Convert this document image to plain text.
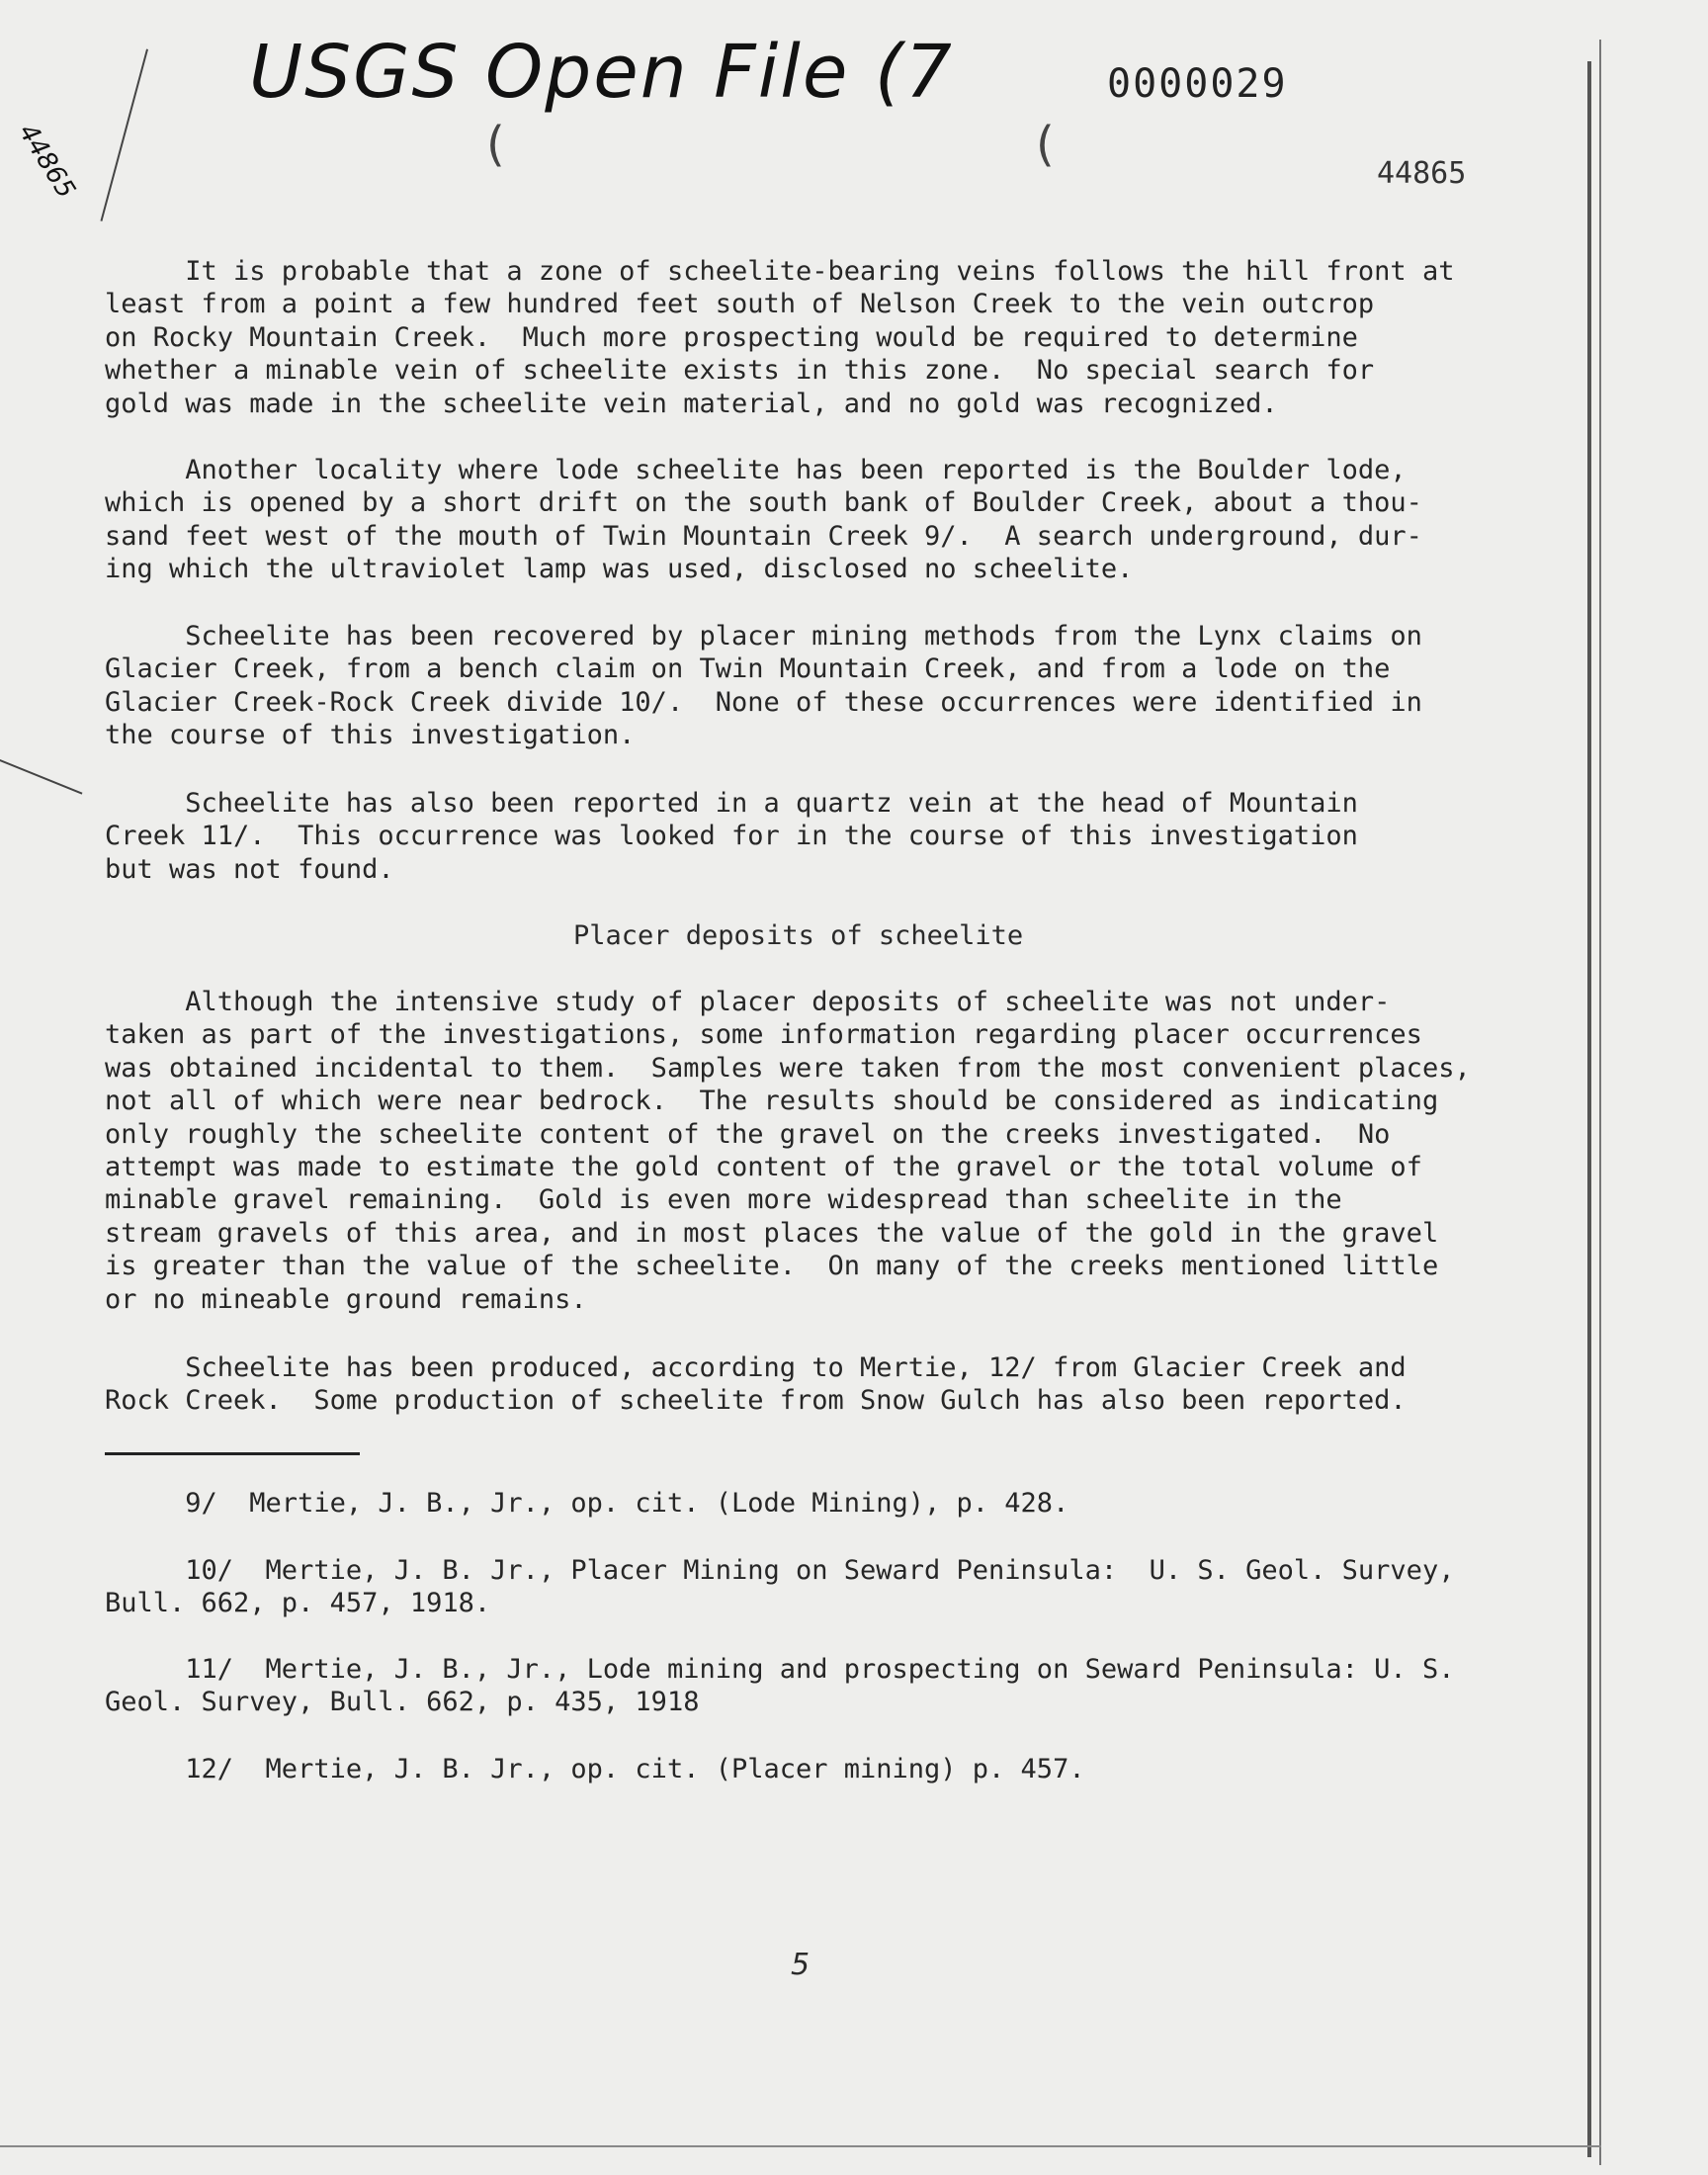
USGS Open File (7	0000029
44865	44865
(	(
It is probable that a zone of scheelite-bearing veins follows the hill front at
least from a point a few hundred feet south of Nelson Creek to the vein outcrop
on Rocky Mountain Creek.  Much more prospecting would be required to determine
whether a minable vein of scheelite exists in this zone.  No special search for
gold was made in the scheelite vein material, and no gold was recognized.
Another locality where lode scheelite has been reported is the Boulder lode,
which is opened by a short drift on the south bank of Boulder Creek, about a thou-
sand feet west of the mouth of Twin Mountain Creek 9/.  A search underground, dur-
ing which the ultraviolet lamp was used, disclosed no scheelite.
Scheelite has been recovered by placer mining methods from the Lynx claims on
Glacier Creek, from a bench claim on Twin Mountain Creek, and from a lode on the
Glacier Creek-Rock Creek divide 10/.  None of these occurrences were identified in
the course of this investigation.
Scheelite has also been reported in a quartz vein at the head of Mountain
Creek 11/.  This occurrence was looked for in the course of this investigation
but was not found.
Placer deposits of scheelite
Although the intensive study of placer deposits of scheelite was not under-
taken as part of the investigations, some information regarding placer occurrences
was obtained incidental to them.  Samples were taken from the most convenient places,
not all of which were near bedrock.  The results should be considered as indicating
only roughly the scheelite content of the gravel on the creeks investigated.  No
attempt was made to estimate the gold content of the gravel or the total volume of
minable gravel remaining.  Gold is even more widespread than scheelite in the
stream gravels of this area, and in most places the value of the gold in the gravel
is greater than the value of the scheelite.  On many of the creeks mentioned little
or no mineable ground remains.
Scheelite has been produced, according to Mertie, 12/ from Glacier Creek and
Rock Creek.  Some production of scheelite from Snow Gulch has also been reported.
9/  Mertie, J. B., Jr., op. cit. (Lode Mining), p. 428.
10/  Mertie, J. B. Jr., Placer Mining on Seward Peninsula:  U. S. Geol. Survey,
Bull. 662, p. 457, 1918.
11/  Mertie, J. B., Jr., Lode mining and prospecting on Seward Peninsula: U. S.
Geol. Survey, Bull. 662, p. 435, 1918
12/  Mertie, J. B. Jr., op. cit. (Placer mining) p. 457.
5
